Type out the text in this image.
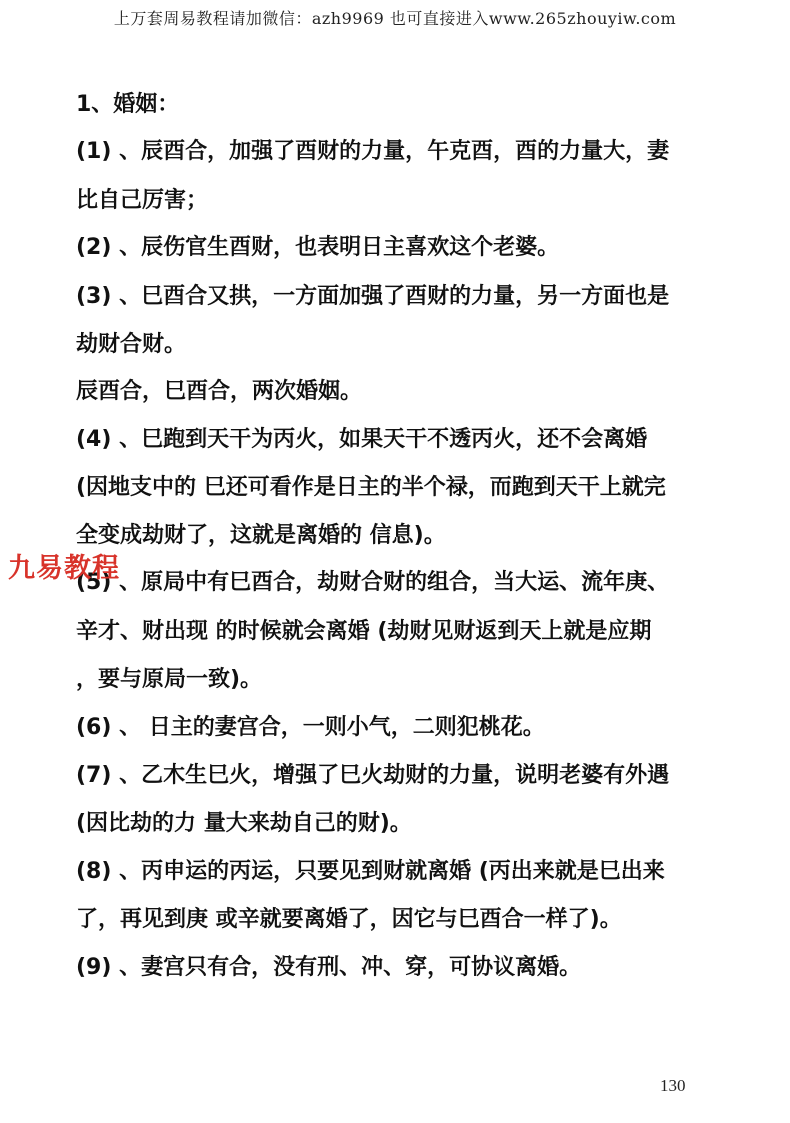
上万套周易教程请加微信：azh9969 也可直接进入www.265zhouyiw.com
1、婚姻：
(1) 、辰酉合，加强了酉财的力量，午克酉，酉的力量大，妻
比自己厉害；
(2) 、辰伤官生酉财，也表明日主喜欢这个老婆。
(3) 、巳酉合又拱，一方面加强了酉财的力量，另一方面也是
劫财合财。
辰酉合，巳酉合，两次婚姻。
(4) 、巳跑到天干为丙火，如果天干不透丙火，还不会离婚
(因地支中的 巳还可看作是日主的半个禄，而跑到天干上就完
全变成劫财了，这就是离婚的 信息)。
(5) 、原局中有巳酉合，劫财合财的组合，当大运、流年庚、
辛才、财出现 的时候就会离婚 (劫财见财返到天上就是应期
，要与原局一致)。
(6) 、 日主的妻宫合，一则小气，二则犯桃花。
(7) 、乙木生巳火，增强了巳火劫财的力量，说明老婆有外遇
(因比劫的力 量大来劫自己的财)。
(8) 、丙申运的丙运，只要见到财就离婚 (丙出来就是巳出来
了，再见到庚 或辛就要离婚了，因它与巳酉合一样了)。
(9) 、妻宫只有合，没有刑、冲、穿，可协议离婚。
九易教程
130
